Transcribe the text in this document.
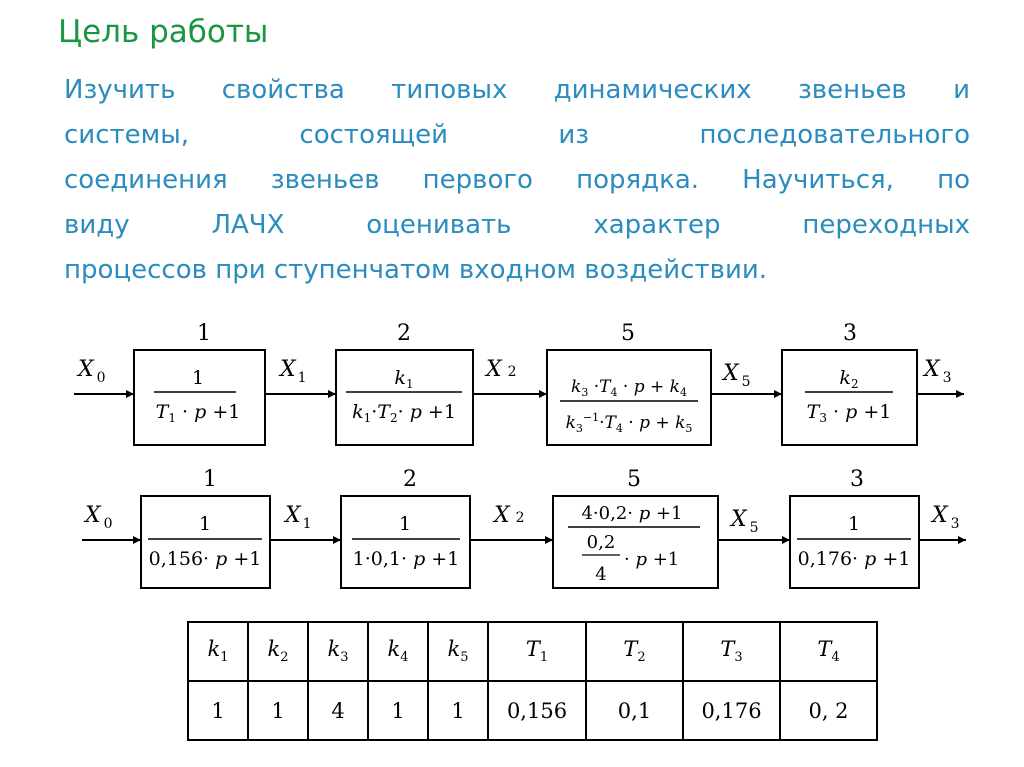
Цель работы
Изучить свойства типовых динамических звеньев и
системы, состоящей из последовательного
соединения звеньев первого порядка. Научиться, по
виду ЛАЧХ оценивать характер переходных
процессов при ступенчатом входном воздействии.
1	2	5	3
X $_0$	X $_1$	X 2	X $_5$	X $_3$
1
$T_1 \cdot p +1$
$k_1$
$k_1\cdot T_2\cdot p +1$
$k_3 \cdot T_4 \cdot p + k_4$
$k_3^{-1}\cdot T_4 \cdot p + k_5$
$k_2$
$T_3 \cdot p +1$
1	2	5	3
X $_0$	X $_1$	X 2	X $_5$	X $_3$
1
0,156· p +1
1
1·0,1· p +1
4·0,2· p +1
0,2
4
· p +1
1
0,176· p +1
$k_1$	$k_2$	$k_3$	$k_4$	$k_5$	$T_1$	$T_2$	$T_3$	$T_4$
1	1	4	1	1	0,156	0,1	0,176	0, 2
